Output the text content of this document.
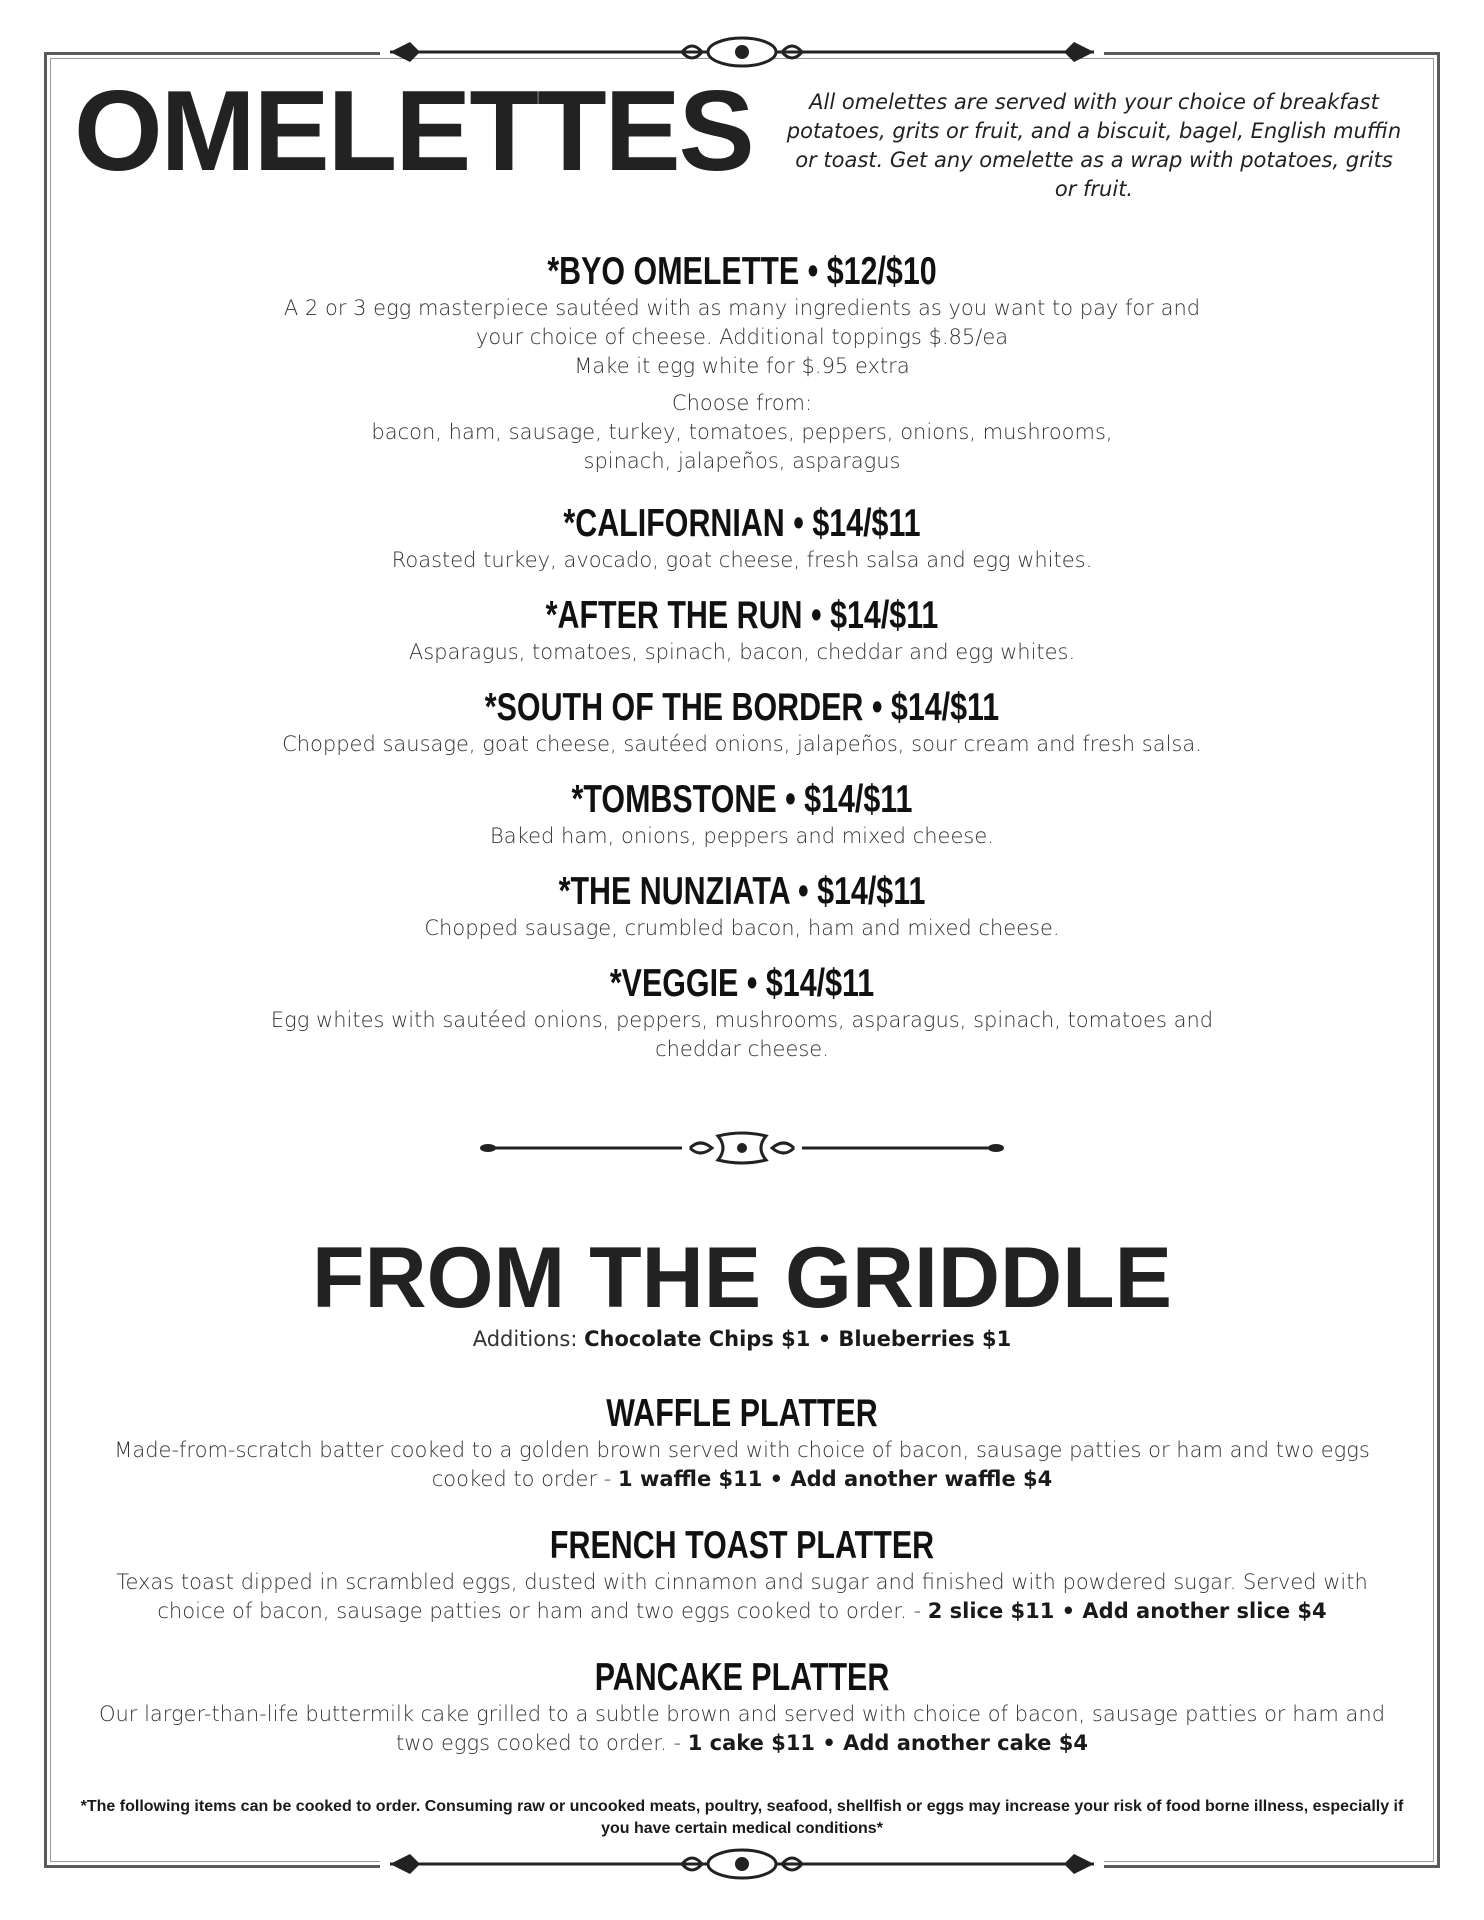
OMELETTES	All omelettes are served with your choice of breakfast potatoes, grits or fruit, and a biscuit, bagel, English muffin or toast. Get any omelette as a wrap with potatoes, grits or fruit.

*BYO OMELETTE • $12/$10
A 2 or 3 egg masterpiece sautéed with as many ingredients as you want to pay for and
your choice of cheese. Additional toppings $.85/ea
Make it egg white for $.95 extra
Choose from:
bacon, ham, sausage, turkey, tomatoes, peppers, onions, mushrooms,
spinach, jalapeños, asparagus
*CALIFORNIAN • $14/$11
Roasted turkey, avocado, goat cheese, fresh salsa and egg whites.
*AFTER THE RUN • $14/$11
Asparagus, tomatoes, spinach, bacon, cheddar and egg whites.
*SOUTH OF THE BORDER • $14/$11
Chopped sausage, goat cheese, sautéed onions, jalapeños, sour cream and fresh salsa.
*TOMBSTONE • $14/$11
Baked ham, onions, peppers and mixed cheese.
*THE NUNZIATA • $14/$11
Chopped sausage, crumbled bacon, ham and mixed cheese.
*VEGGIE • $14/$11
Egg whites with sautéed onions, peppers, mushrooms, asparagus, spinach, tomatoes and
cheddar cheese.
FROM THE GRIDDLE
Additions: Chocolate Chips $1 • Blueberries $1
WAFFLE PLATTER
Made-from-scratch batter cooked to a golden brown served with choice of bacon, sausage patties or ham and two eggs
cooked to order - 1 waffle $11 • Add another waffle $4
FRENCH TOAST PLATTER
Texas toast dipped in scrambled eggs, dusted with cinnamon and sugar and finished with powdered sugar. Served with
choice of bacon, sausage patties or ham and two eggs cooked to order. - 2 slice $11 • Add another slice $4
PANCAKE PLATTER
Our larger-than-life buttermilk cake grilled to a subtle brown and served with choice of bacon, sausage patties or ham and
two eggs cooked to order. - 1 cake $11 • Add another cake $4

*The following items can be cooked to order. Consuming raw or uncooked meats, poultry, seafood, shellfish or eggs may increase your risk of food borne illness, especially if you have certain medical conditions*
